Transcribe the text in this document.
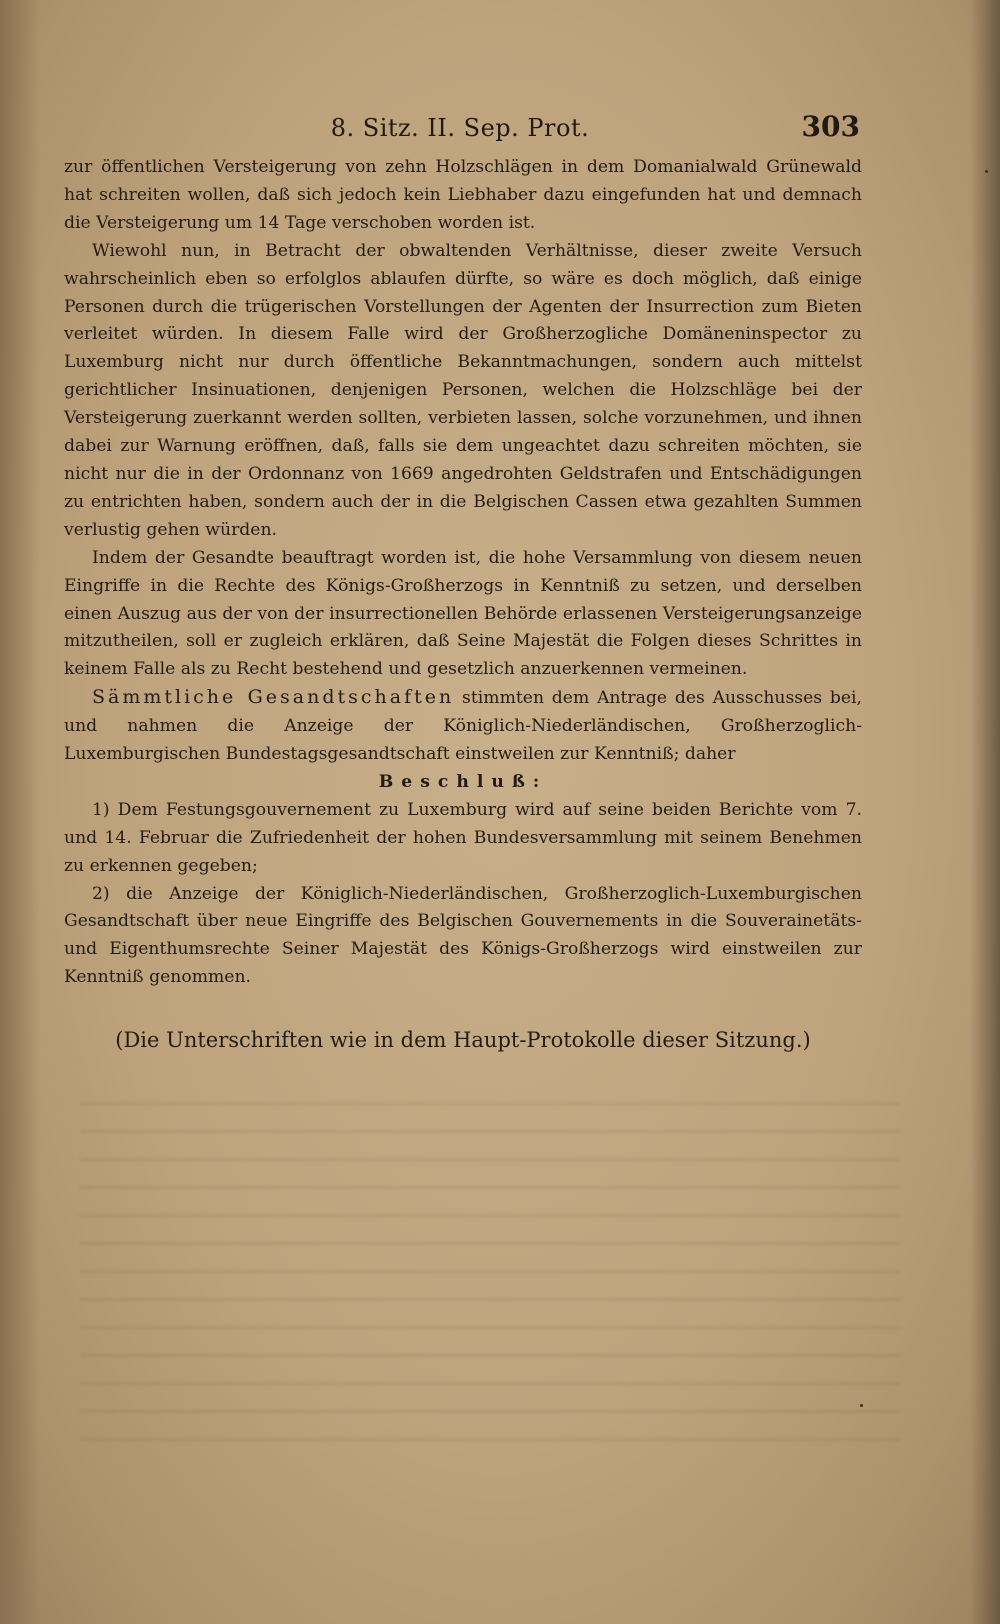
8. Sitz. II. Sep. Prot.	303

zur öffentlichen Versteigerung von zehn Holzschlägen in dem Domanialwald Grünewald hat schreiten wollen, daß sich jedoch kein Liebhaber dazu eingefunden hat und demnach die Versteigerung um 14 Tage verschoben worden ist.

Wiewohl nun, in Betracht der obwaltenden Verhältnisse, dieser zweite Versuch wahrscheinlich eben so erfolglos ablaufen dürfte, so wäre es doch möglich, daß einige Personen durch die trügerischen Vorstellungen der Agenten der Insurrection zum Bieten verleitet würden. In diesem Falle wird der Großherzogliche Domäneninspector zu Luxemburg nicht nur durch öffentliche Bekanntmachungen, sondern auch mittelst gerichtlicher Insinuationen, denjenigen Personen, welchen die Holzschläge bei der Versteigerung zuerkannt werden sollten, verbieten lassen, solche vorzunehmen, und ihnen dabei zur Warnung eröffnen, daß, falls sie dem ungeachtet dazu schreiten möchten, sie nicht nur die in der Ordonnanz von 1669 angedrohten Geldstrafen und Entschädigungen zu entrichten haben, sondern auch der in die Belgischen Cassen etwa gezahlten Summen verlustig gehen würden.

Indem der Gesandte beauftragt worden ist, die hohe Versammlung von diesem neuen Eingriffe in die Rechte des Königs-Großherzogs in Kenntniß zu setzen, und derselben einen Auszug aus der von der insurrectionellen Behörde erlassenen Versteigerungsanzeige mitzutheilen, soll er zugleich erklären, daß Seine Majestät die Folgen dieses Schrittes in keinem Falle als zu Recht bestehend und gesetzlich anzuerkennen vermeinen.

Sämmtliche Gesandtschaften stimmten dem Antrage des Ausschusses bei, und nahmen die Anzeige der Königlich-Niederländischen, Großherzoglich-Luxemburgischen Bundestagsgesandtschaft einstweilen zur Kenntniß; daher

Beschluß:

1) Dem Festungsgouvernement zu Luxemburg wird auf seine beiden Berichte vom 7. und 14. Februar die Zufriedenheit der hohen Bundesversammlung mit seinem Benehmen zu erkennen gegeben;

2) die Anzeige der Königlich-Niederländischen, Großherzoglich-Luxemburgischen Gesandtschaft über neue Eingriffe des Belgischen Gouvernements in die Souverainetäts- und Eigenthumsrechte Seiner Majestät des Königs-Großherzogs wird einstweilen zur Kenntniß genommen.

(Die Unterschriften wie in dem Haupt-Protokolle dieser Sitzung.)
